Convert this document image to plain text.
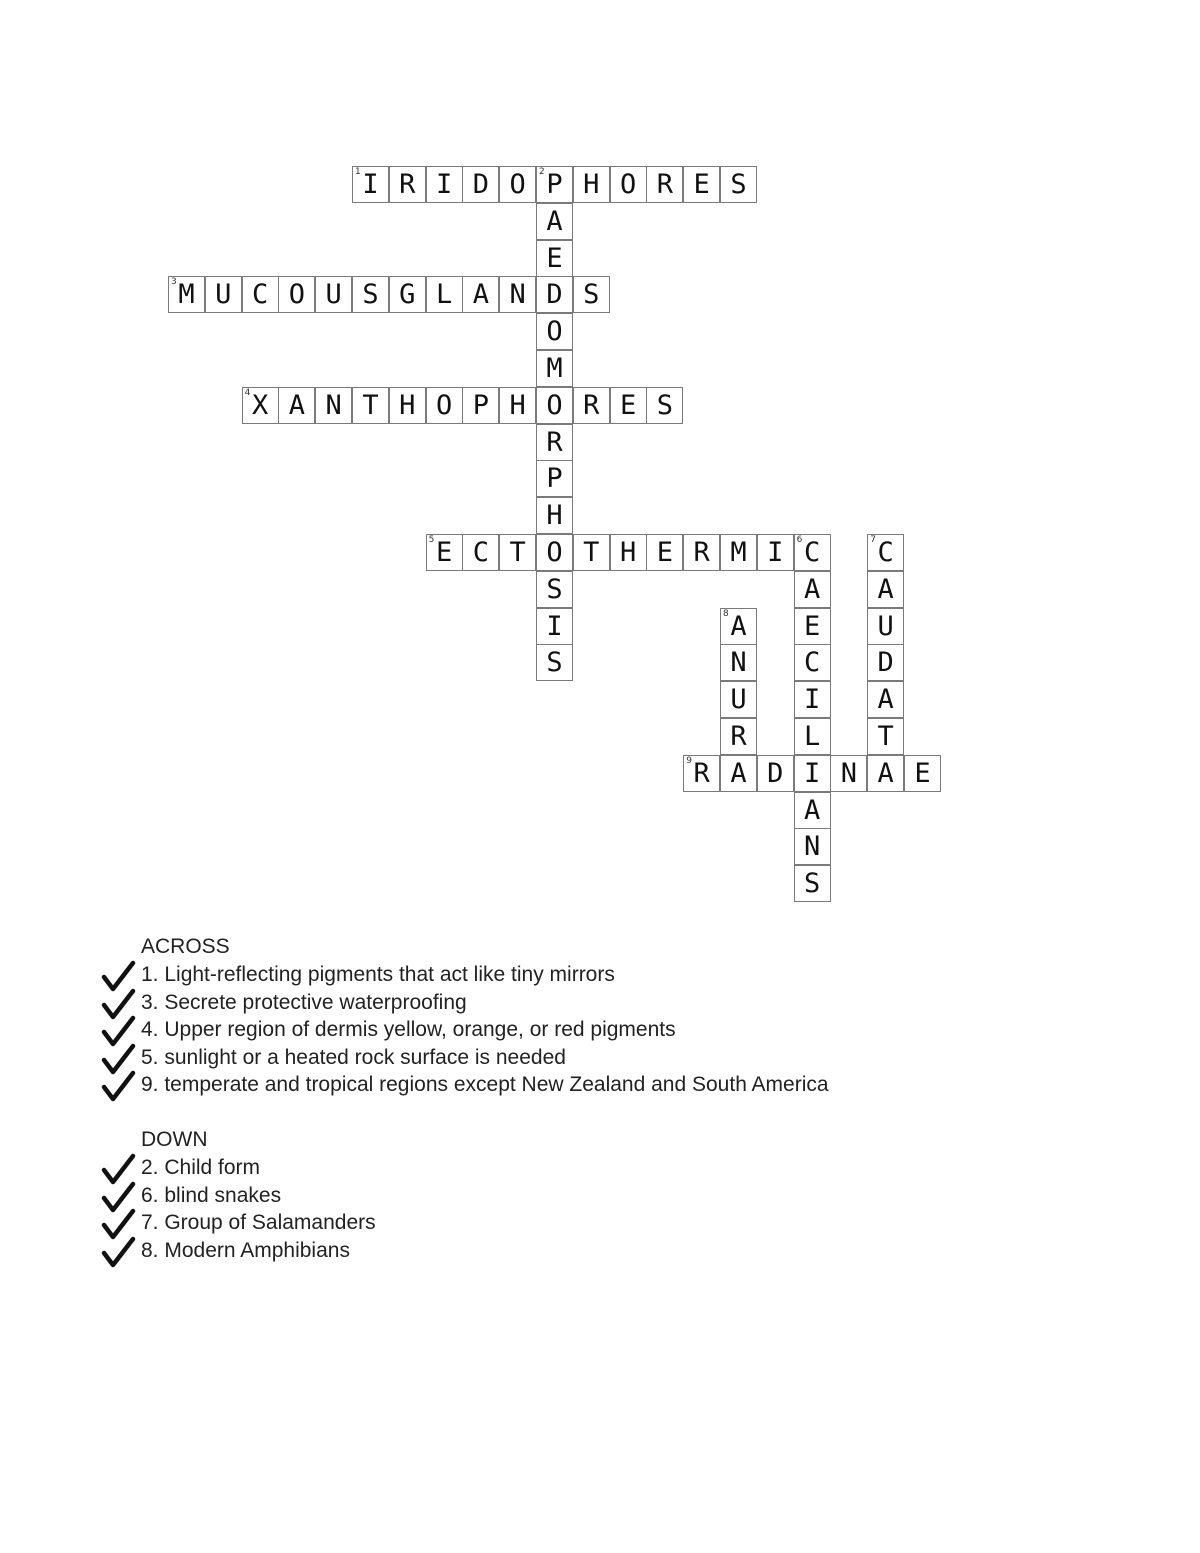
1 I R I D O	2 P H O R E S
A
E
D
O
M
O
R
P
H
O
S
I
S
3 M U C O U S G L A N	S
4 X A N T H O P H	R E S
5 E C T	T H E R M I	6 C
A
E
C
I
L
I
A
N
S
7 C
A
U
D
A
T
A
8 A
N
U
R
9 R A D	N	E
ACROSS
1. Light-reflecting pigments that act like tiny mirrors
3. Secrete protective waterproofing
4. Upper region of dermis yellow, orange, or red pigments
5. sunlight or a heated rock surface is needed
9. temperate and tropical regions except New Zealand and South America
DOWN
2. Child form
6. blind snakes
7. Group of Salamanders
8. Modern Amphibians
